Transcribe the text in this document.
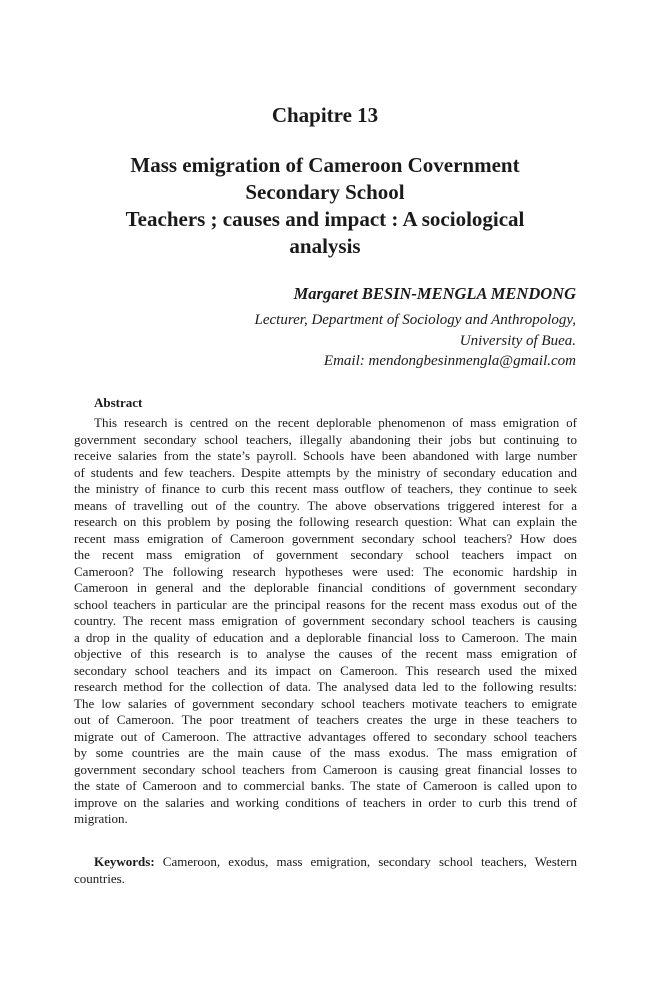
Chapitre 13
Mass emigration of Cameroon Covernment
Secondary School
Teachers ; causes and impact : A sociological
analysis
Margaret BESIN-MENGLA MENDONG
Lecturer, Department of Sociology and Anthropology,
University of Buea.
Email: mendongbesinmengla@gmail.com
Abstract
This research is centred on the recent deplorable phenomenon of mass emigration of
government secondary school teachers, illegally abandoning their jobs but continuing to
receive salaries from the state’s payroll. Schools have been abandoned with large number
of students and few teachers. Despite attempts by the ministry of secondary education and
the ministry of finance to curb this recent mass outflow of teachers, they continue to seek
means of travelling out of the country. The above observations triggered interest for a
research on this problem by posing the following research question: What can explain the
recent mass emigration of Cameroon government secondary school teachers? How does
the recent mass emigration of government secondary school teachers impact on
Cameroon? The following research hypotheses were used: The economic hardship in
Cameroon in general and the deplorable financial conditions of government secondary
school teachers in particular are the principal reasons for the recent mass exodus out of the
country. The recent mass emigration of government secondary school teachers is causing
a drop in the quality of education and a deplorable financial loss to Cameroon. The main
objective of this research is to analyse the causes of the recent mass emigration of
secondary school teachers and its impact on Cameroon. This research used the mixed
research method for the collection of data. The analysed data led to the following results:
The low salaries of government secondary school teachers motivate teachers to emigrate
out of Cameroon. The poor treatment of teachers creates the urge in these teachers to
migrate out of Cameroon. The attractive advantages offered to secondary school teachers
by some countries are the main cause of the mass exodus. The mass emigration of
government secondary school teachers from Cameroon is causing great financial losses to
the state of Cameroon and to commercial banks. The state of Cameroon is called upon to
improve on the salaries and working conditions of teachers in order to curb this trend of
migration.
Keywords: Cameroon, exodus, mass emigration, secondary school teachers, Western
countries.
